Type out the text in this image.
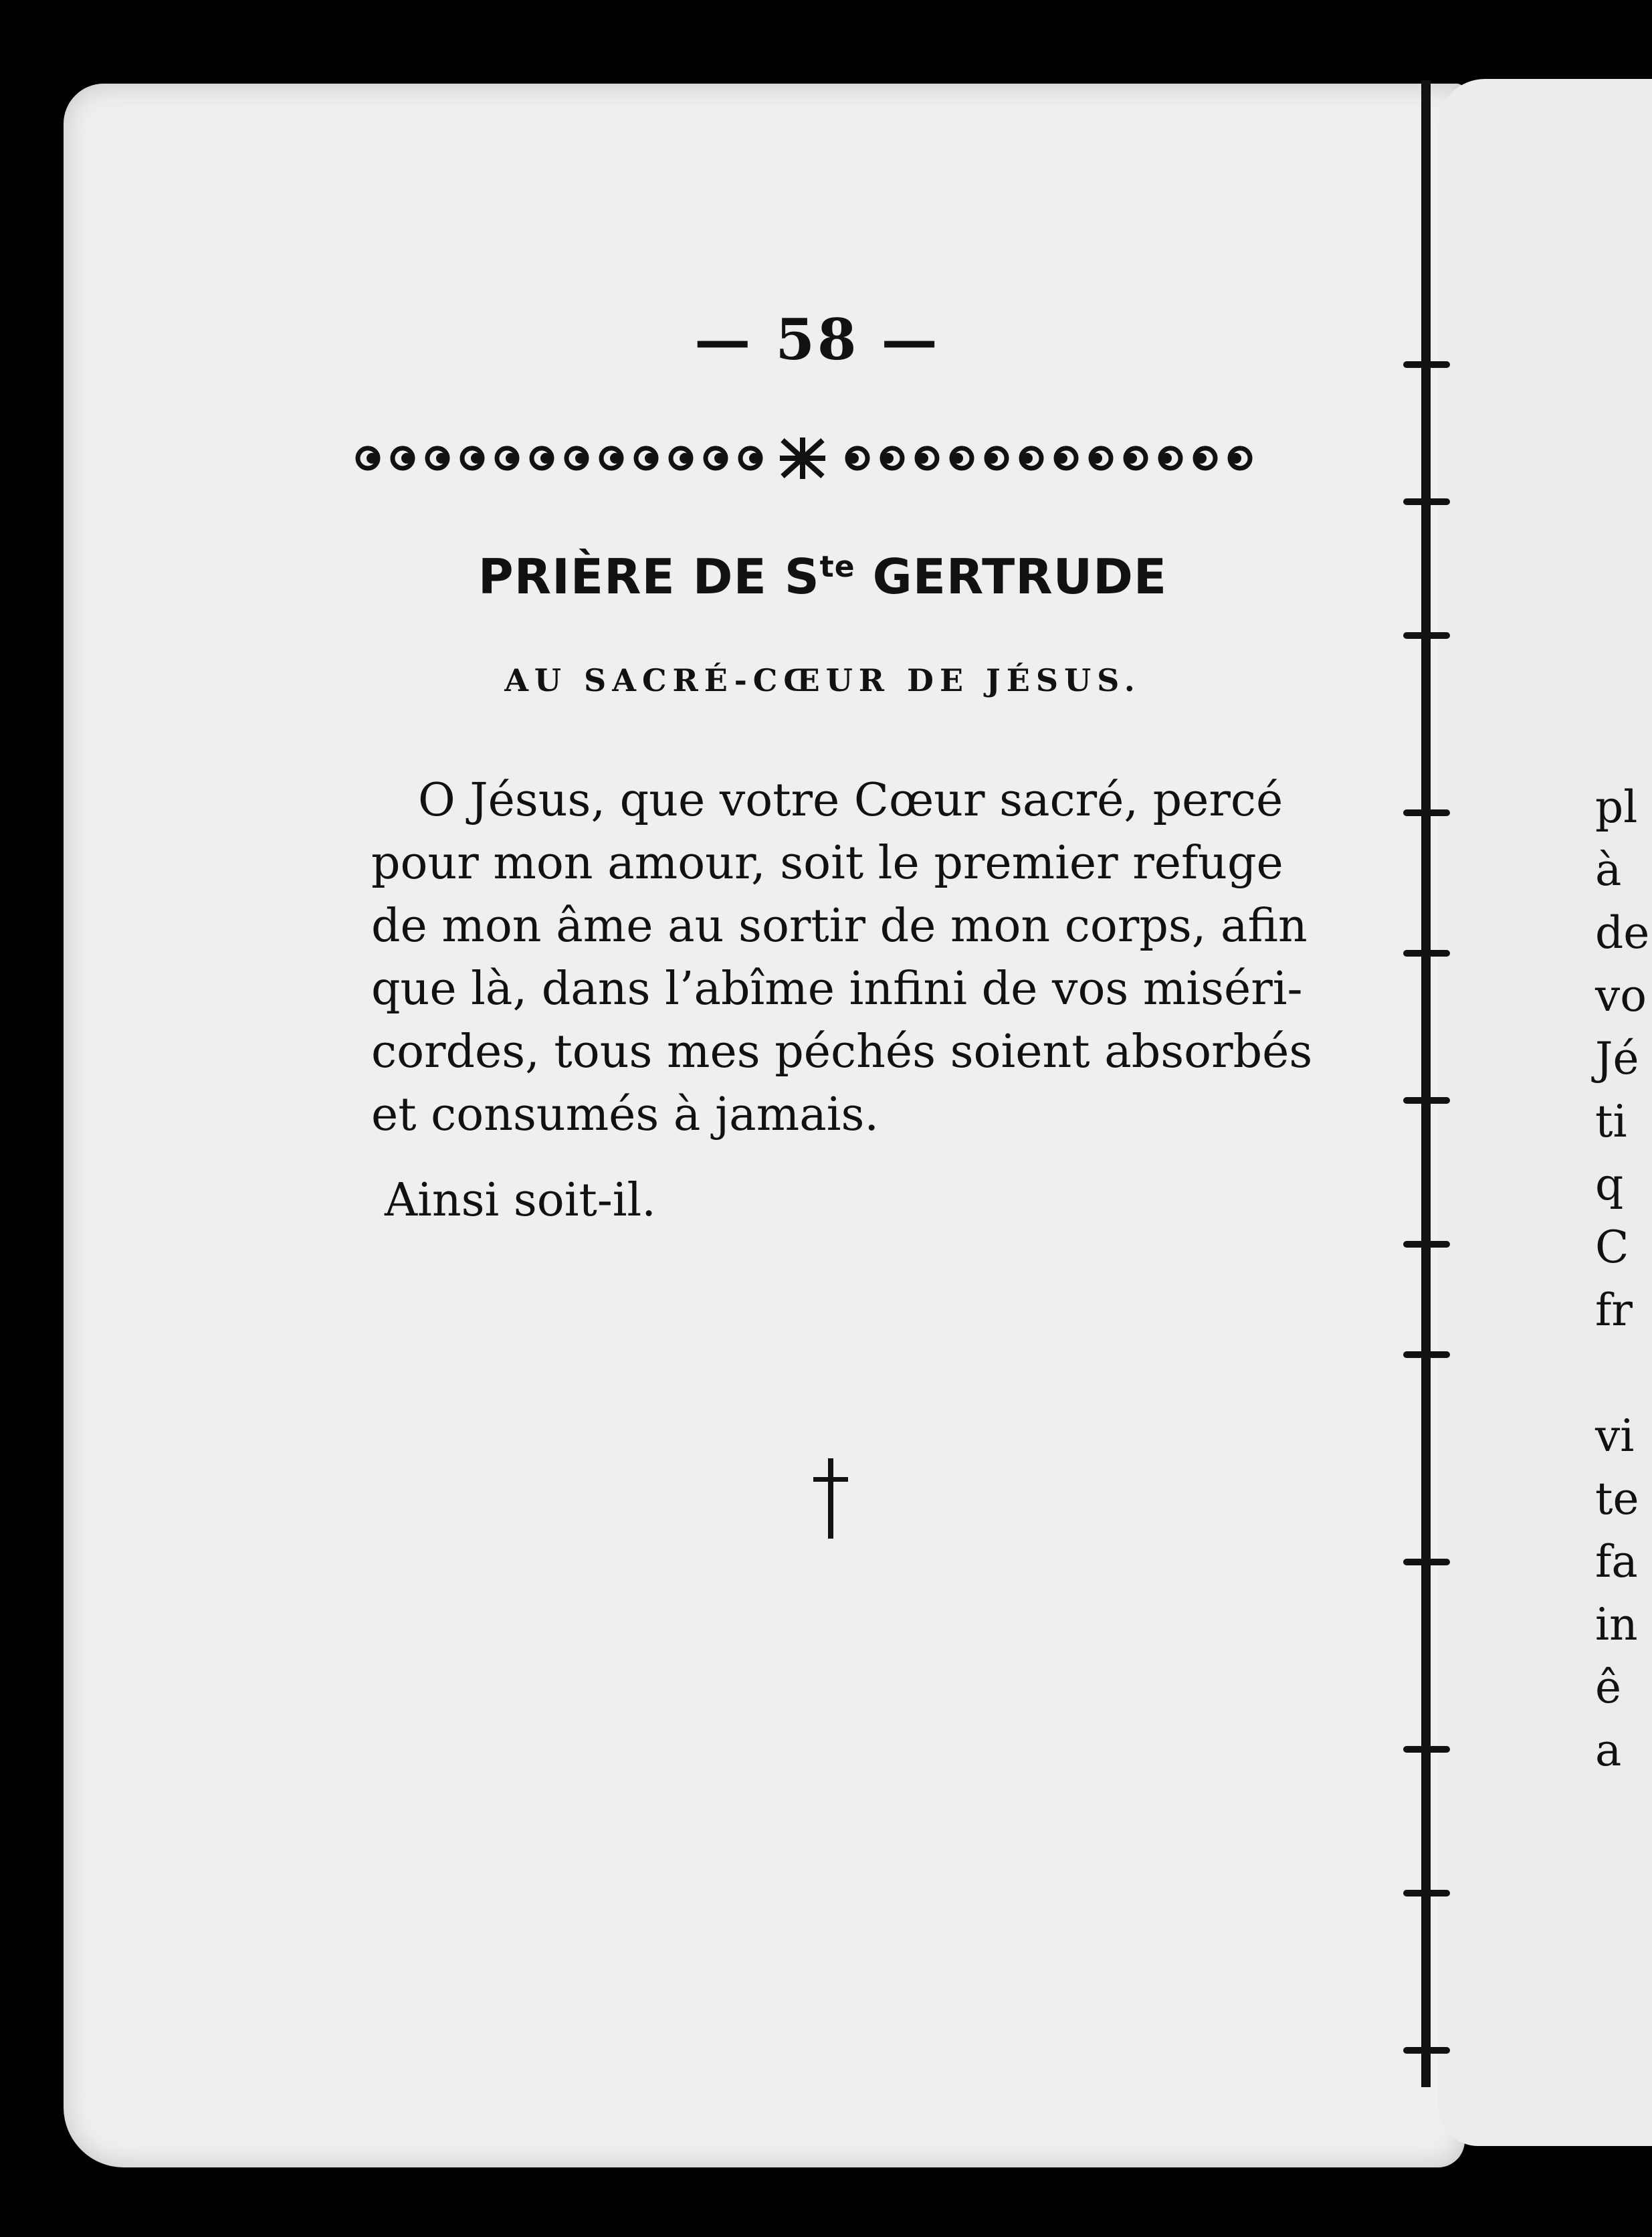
— 58 —
PRIÈRE DE $S^{te}$ GERTRUDE
AU SACRÉ-CŒUR DE JÉSUS.
O Jésus, que votre Cœur sacré, percé
pour mon amour, soit le premier refuge
de mon âme au sortir de mon corps, afin
que là, dans l’abîme infini de vos miséri-
cordes, tous mes péchés soient absorbés
et consumés à jamais.
Ainsi soit-il.
pl
à
de
vo
Jé
ti
q
C
fr
vi
te
fa
in
ê
a
